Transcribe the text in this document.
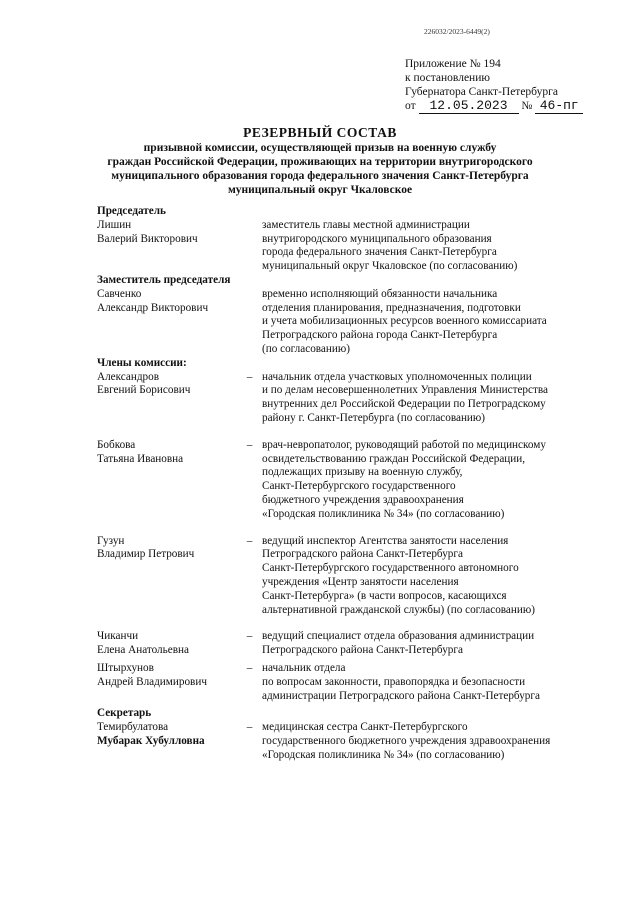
226032/2023-6449(2)
Приложение № 194
к постановлению
Губернатора Санкт-Петербурга
от 12.05.2023 № 46-пг
РЕЗЕРВНЫЙ СОСТАВ
призывной комиссии, осуществляющей призыв на военную службу
граждан Российской Федерации, проживающих на территории внутригородского
муниципального образования города федерального значения Санкт-Петербурга
муниципальный округ Чкаловское
Председатель
Лишин
Валерий Викторович
заместитель главы местной администрации
внутригородского муниципального образования
города федерального значения Санкт-Петербурга
муниципальный округ Чкаловское (по согласованию)
Заместитель председателя
Савченко
Александр Викторович
временно исполняющий обязанности начальника
отделения планирования, предназначения, подготовки
и учета мобилизационных ресурсов военного комиссариата
Петроградского района города Санкт-Петербурга
(по согласованию)
Члены комиссии:
Александров
Евгений Борисович
– начальник отдела участковых уполномоченных полиции
и по делам несовершеннолетних Управления Министерства
внутренних дел Российской Федерации по Петроградскому
району г. Санкт-Петербурга (по согласованию)
Бобкова
Татьяна Ивановна
– врач-невропатолог, руководящий работой по медицинскому
освидетельствованию граждан Российской Федерации,
подлежащих призыву на военную службу,
Санкт-Петербургского государственного
бюджетного учреждения здравоохранения
«Городская поликлиника № 34» (по согласованию)
Гузун
Владимир Петрович
– ведущий инспектор Агентства занятости населения
Петроградского района Санкт-Петербурга
Санкт-Петербургского государственного автономного
учреждения «Центр занятости населения
Санкт-Петербурга» (в части вопросов, касающихся
альтернативной гражданской службы) (по согласованию)
Чиканчи
Елена Анатольевна
– ведущий специалист отдела образования администрации
Петроградского района Санкт-Петербурга
Штырхунов
Андрей Владимирович
– начальник отдела
по вопросам законности, правопорядка и безопасности
администрации Петроградского района Санкт-Петербурга
Секретарь
Темирбулатова
Мубарак Хубулловна
– медицинская сестра Санкт-Петербургского
государственного бюджетного учреждения здравоохранения
«Городская поликлиника № 34» (по согласованию)
